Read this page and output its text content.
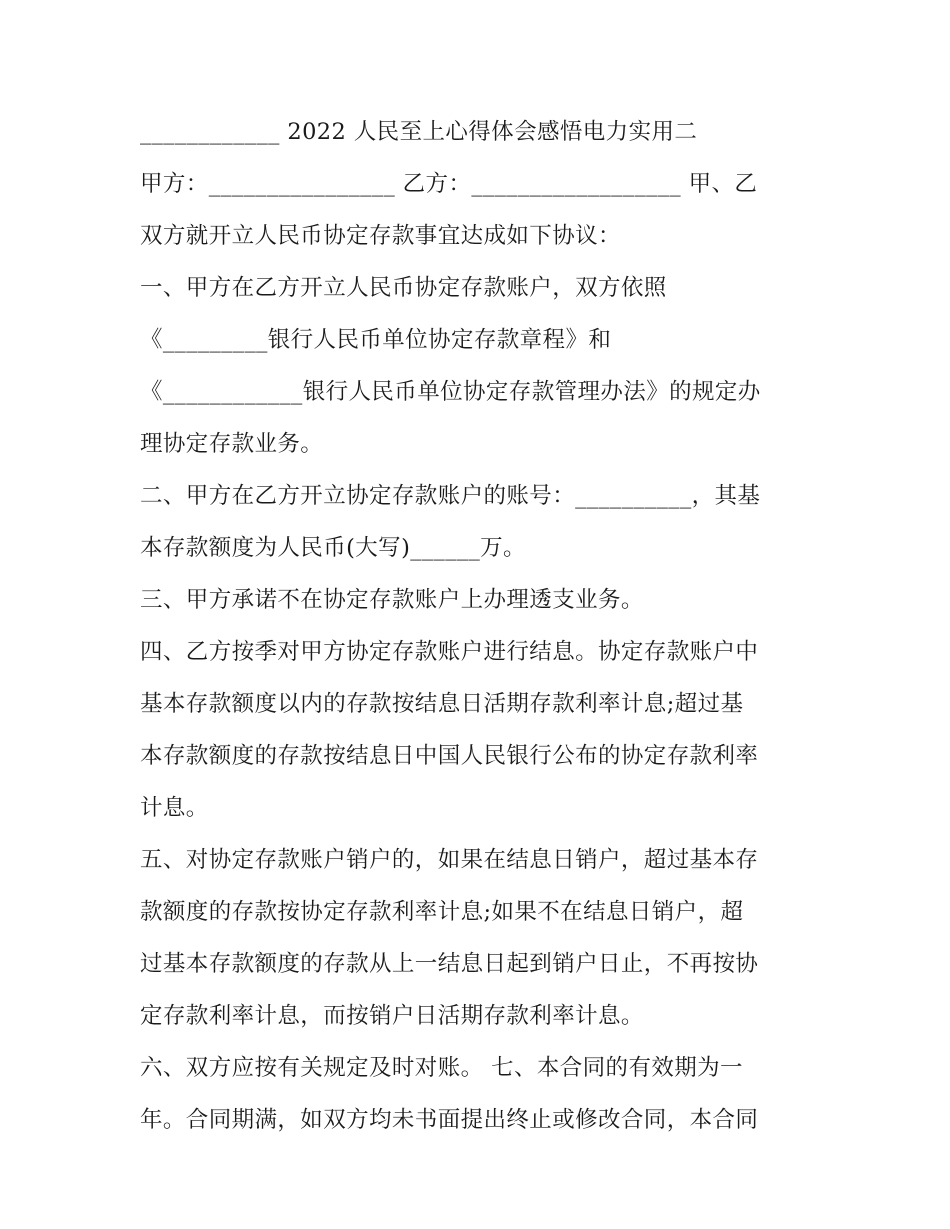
____________ 2022 人民至上心得体会感悟电力实用二
甲方：________________ 乙方：__________________ 甲、乙
双方就开立人民币协定存款事宜达成如下协议：
一、甲方在乙方开立人民币协定存款账户，双方依照
《_________银行人民币单位协定存款章程》和
《____________银行人民币单位协定存款管理办法》的规定办
理协定存款业务。
二、甲方在乙方开立协定存款账户的账号：__________，其基
本存款额度为人民币(大写)______万。
三、甲方承诺不在协定存款账户上办理透支业务。
四、乙方按季对甲方协定存款账户进行结息。协定存款账户中
基本存款额度以内的存款按结息日活期存款利率计息;超过基
本存款额度的存款按结息日中国人民银行公布的协定存款利率
计息。
五、对协定存款账户销户的，如果在结息日销户，超过基本存
款额度的存款按协定存款利率计息;如果不在结息日销户，超
过基本存款额度的存款从上一结息日起到销户日止，不再按协
定存款利率计息，而按销户日活期存款利率计息。
六、双方应按有关规定及时对账。 七、本合同的有效期为一
年。合同期满，如双方均未书面提出终止或修改合同，本合同
